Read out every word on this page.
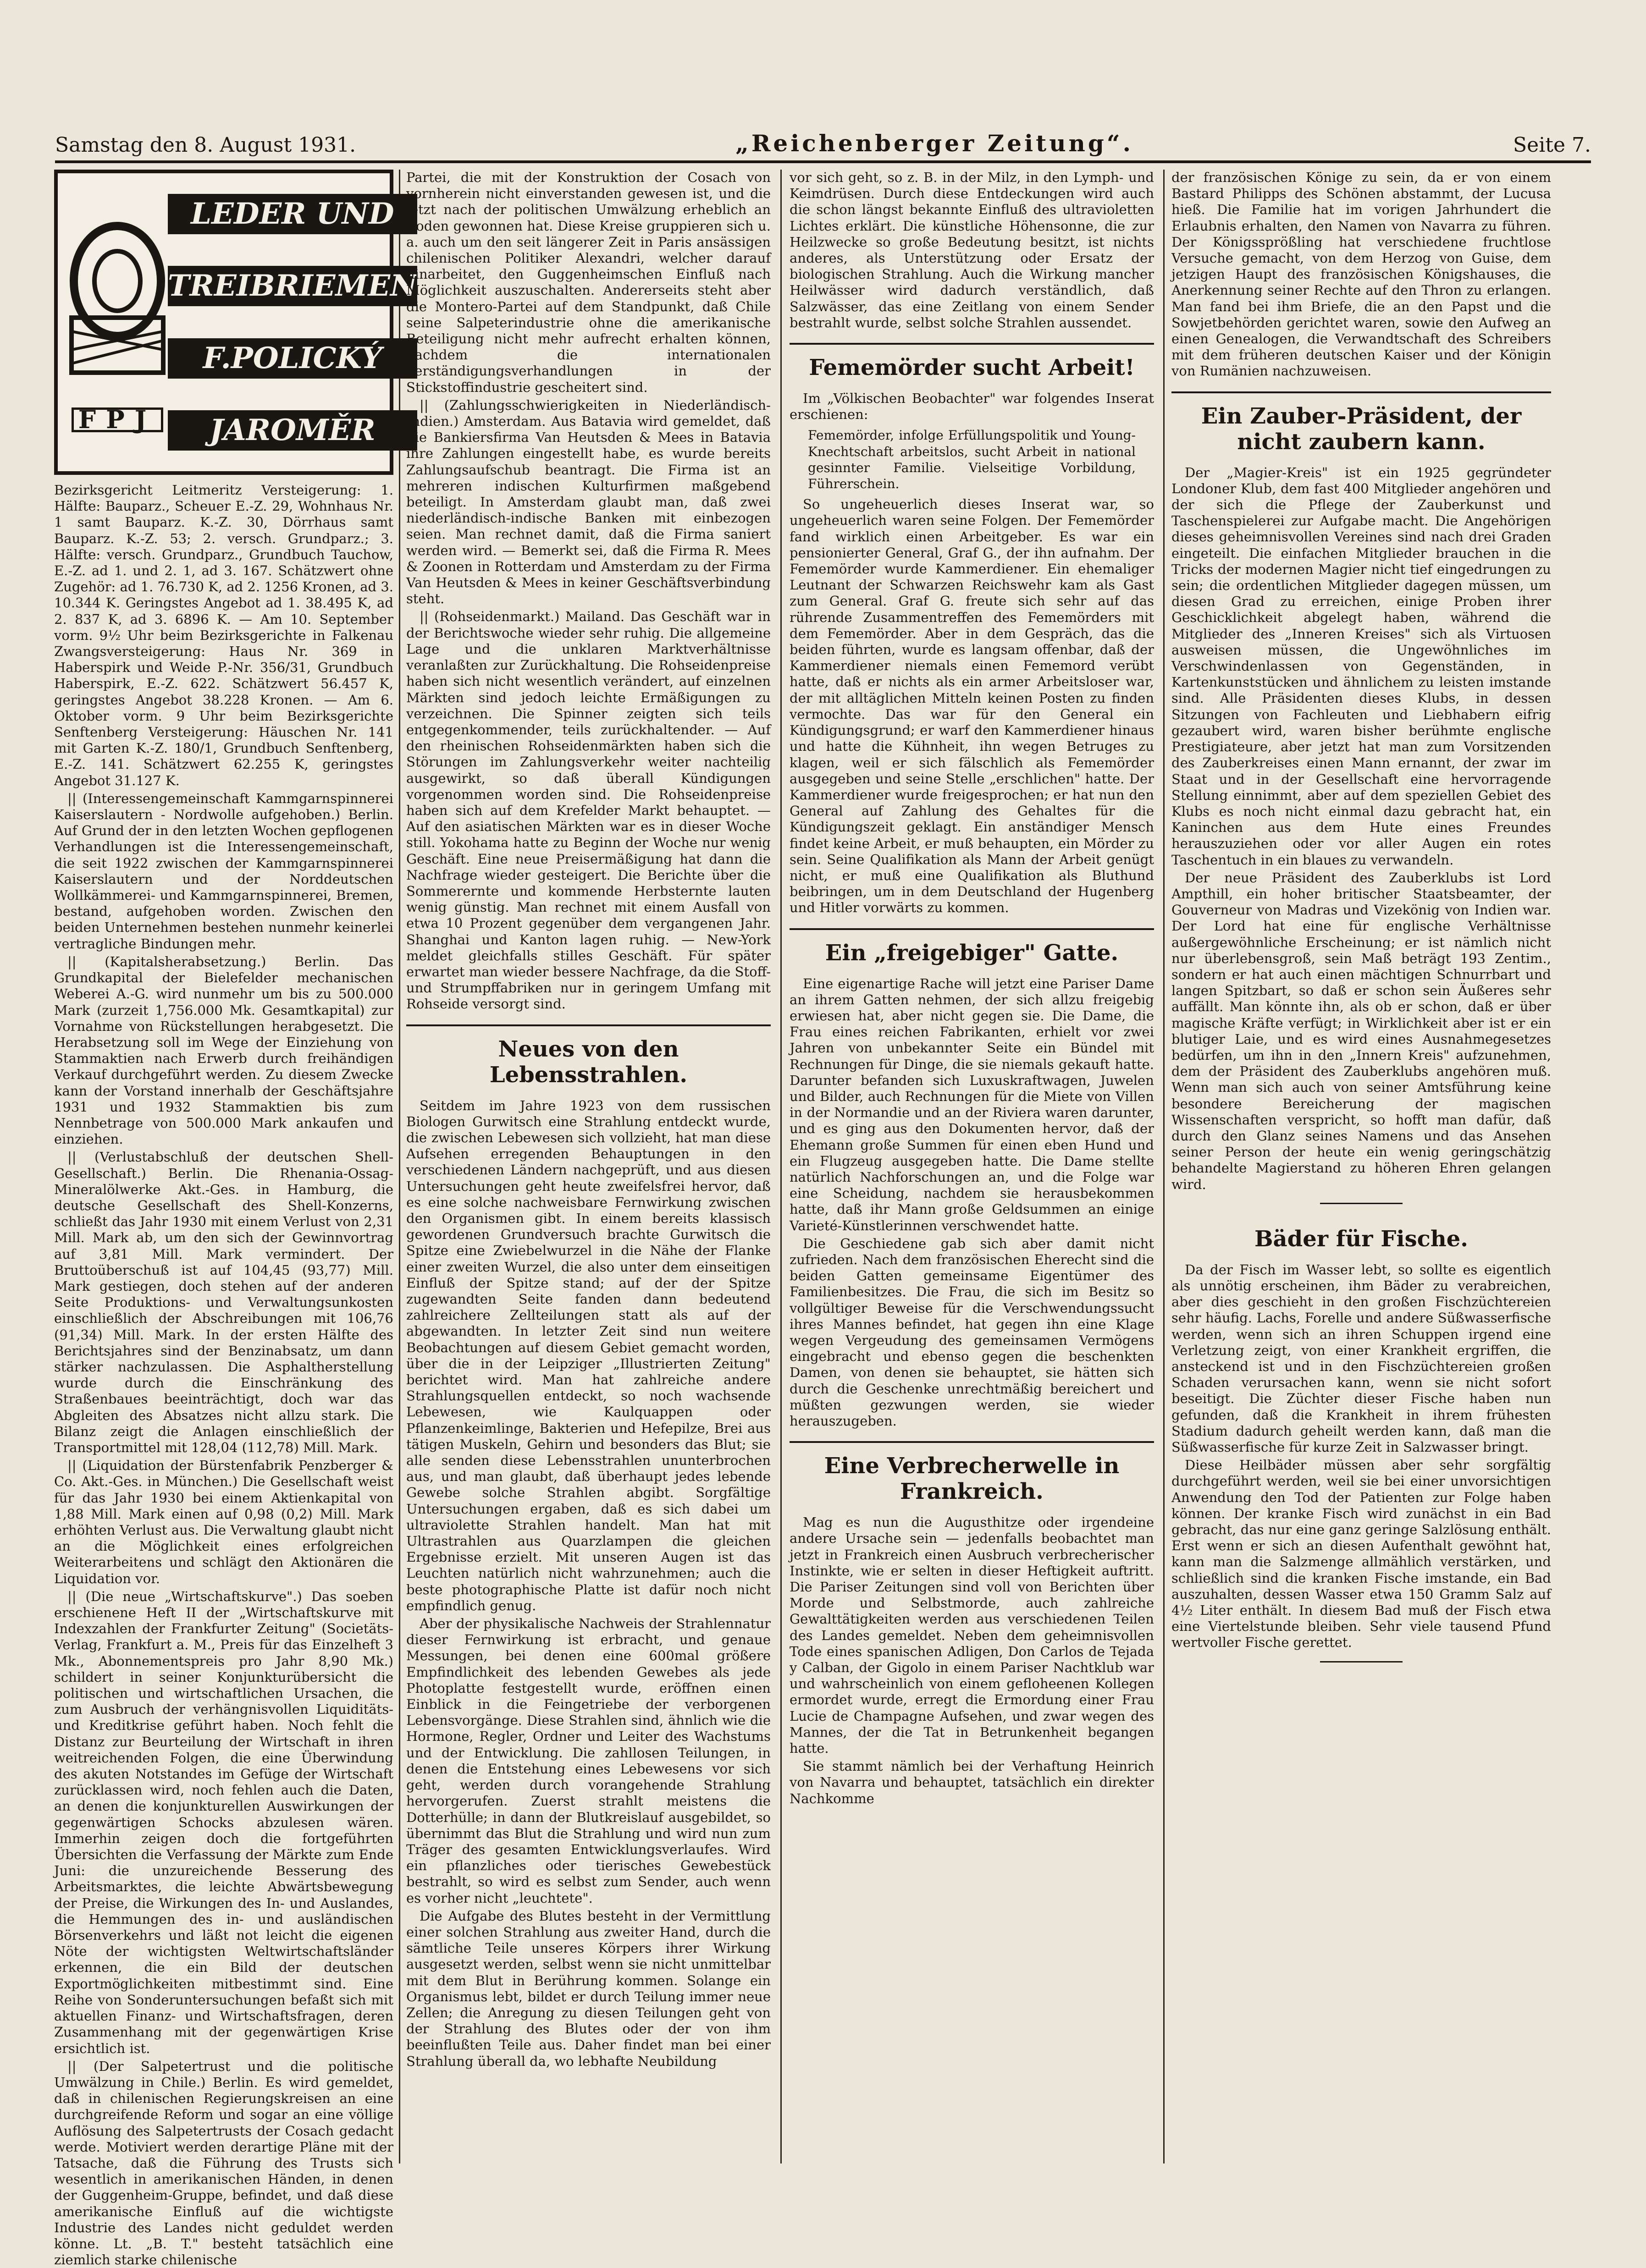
Samstag den 8. August 1931.	„Reichenberger Zeitung“.	Seite 7.
FPJ
LEDER UND
TREIBRIEMEN
F.POLICKÝ
JAROMĚR

Bezirksgericht Leitmeritz Versteigerung: 1. Hälfte: Bauparz., Scheuer E.-Z. 29, Wohnhaus Nr. 1 samt Bauparz. K.-Z. 30, Dörrhaus samt Bauparz. K.-Z. 53; 2. versch. Grundparz.; 3. Hälfte: versch. Grundparz., Grundbuch Tauchow, E.-Z. ad 1. und 2. 1, ad 3. 167. Schätzwert ohne Zugehör: ad 1. 76.730 K, ad 2. 1256 Kronen, ad 3. 10.344 K. Geringstes Angebot ad 1. 38.495 K, ad 2. 837 K, ad 3. 6896 K. — Am 10. September vorm. 9½ Uhr beim Bezirksgerichte in Falkenau Zwangsversteigerung: Haus Nr. 369 in Haberspirk und Weide P.-Nr. 356/31, Grundbuch Haberspirk, E.-Z. 622. Schätzwert 56.457 K, geringstes Angebot 38.228 Kronen. — Am 6. Oktober vorm. 9 Uhr beim Bezirksgerichte Senftenberg Versteigerung: Häuschen Nr. 141 mit Garten K.-Z. 180/1, Grundbuch Senftenberg, E.-Z. 141. Schätzwert 62.255 K, geringstes Angebot 31.127 K.

|| (Interessengemeinschaft Kammgarnspinnerei Kaiserslautern - Nordwolle aufgehoben.) Berlin. Auf Grund der in den letzten Wochen gepflogenen Verhandlungen ist die Interessengemeinschaft, die seit 1922 zwischen der Kammgarnspinnerei Kaiserslautern und der Norddeutschen Wollkämmerei- und Kammgarnspinnerei, Bremen, bestand, aufgehoben worden. Zwischen den beiden Unternehmen bestehen nunmehr keinerlei vertragliche Bindungen mehr.

|| (Kapitalsherabsetzung.) Berlin. Das Grundkapital der Bielefelder mechanischen Weberei A.-G. wird nunmehr um bis zu 500.000 Mark (zurzeit 1,756.000 Mk. Gesamtkapital) zur Vornahme von Rückstellungen herabgesetzt. Die Herabsetzung soll im Wege der Einziehung von Stammaktien nach Erwerb durch freihändigen Verkauf durchgeführt werden. Zu diesem Zwecke kann der Vorstand innerhalb der Geschäftsjahre 1931 und 1932 Stammaktien bis zum Nennbetrage von 500.000 Mark ankaufen und einziehen.

|| (Verlustabschluß der deutschen Shell-Gesellschaft.) Berlin. Die Rhenania-Ossag-Mineralölwerke Akt.-Ges. in Hamburg, die deutsche Gesellschaft des Shell-Konzerns, schließt das Jahr 1930 mit einem Verlust von 2,31 Mill. Mark ab, um den sich der Gewinnvortrag auf 3,81 Mill. Mark vermindert. Der Bruttoüberschuß ist auf 104,45 (93,77) Mill. Mark gestiegen, doch stehen auf der anderen Seite Produktions- und Verwaltungsunkosten einschließlich der Abschreibungen mit 106,76 (91,34) Mill. Mark. In der ersten Hälfte des Berichtsjahres sind der Benzinabsatz, um dann stärker nachzulassen. Die Asphaltherstellung wurde durch die Einschränkung des Straßenbaues beeinträchtigt, doch war das Abgleiten des Absatzes nicht allzu stark. Die Bilanz zeigt die Anlagen einschließlich der Transportmittel mit 128,04 (112,78) Mill. Mark.

|| (Liquidation der Bürstenfabrik Penzberger & Co. Akt.-Ges. in München.) Die Gesellschaft weist für das Jahr 1930 bei einem Aktienkapital von 1,88 Mill. Mark einen auf 0,98 (0,2) Mill. Mark erhöhten Verlust aus. Die Verwaltung glaubt nicht an die Möglichkeit eines erfolgreichen Weiterarbeitens und schlägt den Aktionären die Liquidation vor.

|| (Die neue „Wirtschaftskurve".) Das soeben erschienene Heft II der „Wirtschaftskurve mit Indexzahlen der Frankfurter Zeitung" (Societäts-Verlag, Frankfurt a. M., Preis für das Einzelheft 3 Mk., Abonnementspreis pro Jahr 8,90 Mk.) schildert in seiner Konjunkturübersicht die politischen und wirtschaftlichen Ursachen, die zum Ausbruch der verhängnisvollen Liquiditäts- und Kreditkrise geführt haben. Noch fehlt die Distanz zur Beurteilung der Wirtschaft in ihren weitreichenden Folgen, die eine Überwindung des akuten Notstandes im Gefüge der Wirtschaft zurücklassen wird, noch fehlen auch die Daten, an denen die konjunkturellen Auswirkungen der gegenwärtigen Schocks abzulesen wären. Immerhin zeigen doch die fortgeführten Übersichten die Verfassung der Märkte zum Ende Juni: die unzureichende Besserung des Arbeitsmarktes, die leichte Abwärtsbewegung der Preise, die Wirkungen des In- und Auslandes, die Hemmungen des in- und ausländischen Börsenverkehrs und läßt not leicht die eigenen Nöte der wichtigsten Weltwirtschaftsländer erkennen, die ein Bild der deutschen Exportmöglichkeiten mitbestimmt sind. Eine Reihe von Sonderuntersuchungen befaßt sich mit aktuellen Finanz- und Wirtschaftsfragen, deren Zusammenhang mit der gegenwärtigen Krise ersichtlich ist.

|| (Der Salpetertrust und die politische Umwälzung in Chile.) Berlin. Es wird gemeldet, daß in chilenischen Regierungskreisen an eine durchgreifende Reform und sogar an eine völlige Auflösung des Salpetertrusts der Cosach gedacht werde. Motiviert werden derartige Pläne mit der Tatsache, daß die Führung des Trusts sich wesentlich in amerikanischen Händen, in denen der Guggenheim-Gruppe, befindet, und daß diese amerikanische Einfluß auf die wichtigste Industrie des Landes nicht geduldet werden könne. Lt. „B. T." besteht tatsächlich eine ziemlich starke chilenische

Partei, die mit der Konstruktion der Cosach von vornherein nicht einverstanden gewesen ist, und die jetzt nach der politischen Umwälzung erheblich an Boden gewonnen hat. Diese Kreise gruppieren sich u. a. auch um den seit längerer Zeit in Paris ansässigen chilenischen Politiker Alexandri, welcher darauf hinarbeitet, den Guggenheimschen Einfluß nach Möglichkeit auszuschalten. Andererseits steht aber die Montero-Partei auf dem Standpunkt, daß Chile seine Salpeterindustrie ohne die amerikanische Beteiligung nicht mehr aufrecht erhalten können, nachdem die internationalen Verständigungsverhandlungen in der Stickstoffindustrie gescheitert sind.

|| (Zahlungsschwierigkeiten in Niederländisch-Indien.) Amsterdam. Aus Batavia wird gemeldet, daß die Bankiersfirma Van Heutsden & Mees in Batavia ihre Zahlungen eingestellt habe, es wurde bereits Zahlungsaufschub beantragt. Die Firma ist an mehreren indischen Kulturfirmen maßgebend beteiligt. In Amsterdam glaubt man, daß zwei niederländisch-indische Banken mit einbezogen seien. Man rechnet damit, daß die Firma saniert werden wird. — Bemerkt sei, daß die Firma R. Mees & Zoonen in Rotterdam und Amsterdam zu der Firma Van Heutsden & Mees in keiner Geschäftsverbindung steht.

|| (Rohseidenmarkt.) Mailand. Das Geschäft war in der Berichtswoche wieder sehr ruhig. Die allgemeine Lage und die unklaren Marktverhältnisse veranlaßten zur Zurückhaltung. Die Rohseidenpreise haben sich nicht wesentlich verändert, auf einzelnen Märkten sind jedoch leichte Ermäßigungen zu verzeichnen. Die Spinner zeigten sich teils entgegenkommender, teils zurückhaltender. — Auf den rheinischen Rohseidenmärkten haben sich die Störungen im Zahlungsverkehr weiter nachteilig ausgewirkt, so daß überall Kündigungen vorgenommen worden sind. Die Rohseidenpreise haben sich auf dem Krefelder Markt behauptet. — Auf den asiatischen Märkten war es in dieser Woche still. Yokohama hatte zu Beginn der Woche nur wenig Geschäft. Eine neue Preisermäßigung hat dann die Nachfrage wieder gesteigert. Die Berichte über die Sommerernte und kommende Herbsternte lauten wenig günstig. Man rechnet mit einem Ausfall von etwa 10 Prozent gegenüber dem vergangenen Jahr. Shanghai und Kanton lagen ruhig. — New-York meldet gleichfalls stilles Geschäft. Für später erwartet man wieder bessere Nachfrage, da die Stoff- und Strumpffabriken nur in geringem Umfang mit Rohseide versorgt sind.

Neues von den Lebensstrahlen.

Seitdem im Jahre 1923 von dem russischen Biologen Gurwitsch eine Strahlung entdeckt wurde, die zwischen Lebewesen sich vollzieht, hat man diese Aufsehen erregenden Behauptungen in den verschiedenen Ländern nachgeprüft, und aus diesen Untersuchungen geht heute zweifelsfrei hervor, daß es eine solche nachweisbare Fernwirkung zwischen den Organismen gibt. In einem bereits klassisch gewordenen Grundversuch brachte Gurwitsch die Spitze eine Zwiebelwurzel in die Nähe der Flanke einer zweiten Wurzel, die also unter dem einseitigen Einfluß der Spitze stand; auf der der Spitze zugewandten Seite fanden dann bedeutend zahlreichere Zellteilungen statt als auf der abgewandten. In letzter Zeit sind nun weitere Beobachtungen auf diesem Gebiet gemacht worden, über die in der Leipziger „Illustrierten Zeitung" berichtet wird. Man hat zahlreiche andere Strahlungsquellen entdeckt, so noch wachsende Lebewesen, wie Kaulquappen oder Pflanzenkeimlinge, Bakterien und Hefepilze, Brei aus tätigen Muskeln, Gehirn und besonders das Blut; sie alle senden diese Lebensstrahlen ununterbrochen aus, und man glaubt, daß überhaupt jedes lebende Gewebe solche Strahlen abgibt. Sorgfältige Untersuchungen ergaben, daß es sich dabei um ultraviolette Strahlen handelt. Man hat mit Ultrastrahlen aus Quarzlampen die gleichen Ergebnisse erzielt. Mit unseren Augen ist das Leuchten natürlich nicht wahrzunehmen; auch die beste photographische Platte ist dafür noch nicht empfindlich genug.

Aber der physikalische Nachweis der Strahlennatur dieser Fernwirkung ist erbracht, und genaue Messungen, bei denen eine 600mal größere Empfindlichkeit des lebenden Gewebes als jede Photoplatte festgestellt wurde, eröffnen einen Einblick in die Feingetriebe der verborgenen Lebensvorgänge. Diese Strahlen sind, ähnlich wie die Hormone, Regler, Ordner und Leiter des Wachstums und der Entwicklung. Die zahllosen Teilungen, in denen die Entstehung eines Lebewesens vor sich geht, werden durch vorangehende Strahlung hervorgerufen. Zuerst strahlt meistens die Dotterhülle; in dann der Blutkreislauf ausgebildet, so übernimmt das Blut die Strahlung und wird nun zum Träger des gesamten Entwicklungsverlaufes. Wird ein pflanzliches oder tierisches Gewebestück bestrahlt, so wird es selbst zum Sender, auch wenn es vorher nicht „leuchtete".

Die Aufgabe des Blutes besteht in der Vermittlung einer solchen Strahlung aus zweiter Hand, durch die sämtliche Teile unseres Körpers ihrer Wirkung ausgesetzt werden, selbst wenn sie nicht unmittelbar mit dem Blut in Berührung kommen. Solange ein Organismus lebt, bildet er durch Teilung immer neue Zellen; die Anregung zu diesen Teilungen geht von der Strahlung des Blutes oder der von ihm beeinflußten Teile aus. Daher findet man bei einer Strahlung überall da, wo lebhafte Neubildung

vor sich geht, so z. B. in der Milz, in den Lymph- und Keimdrüsen. Durch diese Entdeckungen wird auch die schon längst bekannte Einfluß des ultravioletten Lichtes erklärt. Die künstliche Höhensonne, die zur Heilzwecke so große Bedeutung besitzt, ist nichts anderes, als Unterstützung oder Ersatz der biologischen Strahlung. Auch die Wirkung mancher Heilwässer wird dadurch verständlich, daß Salzwässer, das eine Zeitlang von einem Sender bestrahlt wurde, selbst solche Strahlen aussendet.

Fememörder sucht Arbeit!

Im „Völkischen Beobachter" war folgendes Inserat erschienen:

Fememörder, infolge Erfüllungspolitik und Young-Knechtschaft arbeitslos, sucht Arbeit in national gesinnter Familie. Vielseitige Vorbildung, Führerschein.

So ungeheuerlich dieses Inserat war, so ungeheuerlich waren seine Folgen. Der Fememörder fand wirklich einen Arbeitgeber. Es war ein pensionierter General, Graf G., der ihn aufnahm. Der Fememörder wurde Kammerdiener. Ein ehemaliger Leutnant der Schwarzen Reichswehr kam als Gast zum General. Graf G. freute sich sehr auf das rührende Zusammentreffen des Fememörders mit dem Fememörder. Aber in dem Gespräch, das die beiden führten, wurde es langsam offenbar, daß der Kammerdiener niemals einen Fememord verübt hatte, daß er nichts als ein armer Arbeitsloser war, der mit alltäglichen Mitteln keinen Posten zu finden vermochte. Das war für den General ein Kündigungsgrund; er warf den Kammerdiener hinaus und hatte die Kühnheit, ihn wegen Betruges zu klagen, weil er sich fälschlich als Fememörder ausgegeben und seine Stelle „erschlichen" hatte. Der Kammerdiener wurde freigesprochen; er hat nun den General auf Zahlung des Gehaltes für die Kündigungszeit geklagt. Ein anständiger Mensch findet keine Arbeit, er muß behaupten, ein Mörder zu sein. Seine Qualifikation als Mann der Arbeit genügt nicht, er muß eine Qualifikation als Bluthund beibringen, um in dem Deutschland der Hugenberg und Hitler vorwärts zu kommen.

Ein „freigebiger" Gatte.

Eine eigenartige Rache will jetzt eine Pariser Dame an ihrem Gatten nehmen, der sich allzu freigebig erwiesen hat, aber nicht gegen sie. Die Dame, die Frau eines reichen Fabrikanten, erhielt vor zwei Jahren von unbekannter Seite ein Bündel mit Rechnungen für Dinge, die sie niemals gekauft hatte. Darunter befanden sich Luxuskraftwagen, Juwelen und Bilder, auch Rechnungen für die Miete von Villen in der Normandie und an der Riviera waren darunter, und es ging aus den Dokumenten hervor, daß der Ehemann große Summen für einen eben Hund und ein Flugzeug ausgegeben hatte. Die Dame stellte natürlich Nachforschungen an, und die Folge war eine Scheidung, nachdem sie herausbekommen hatte, daß ihr Mann große Geldsummen an einige Varieté-Künstlerinnen verschwendet hatte.

Die Geschiedene gab sich aber damit nicht zufrieden. Nach dem französischen Eherecht sind die beiden Gatten gemeinsame Eigentümer des Familienbesitzes. Die Frau, die sich im Besitz so vollgültiger Beweise für die Verschwendungssucht ihres Mannes befindet, hat gegen ihn eine Klage wegen Vergeudung des gemeinsamen Vermögens eingebracht und ebenso gegen die beschenkten Damen, von denen sie behauptet, sie hätten sich durch die Geschenke unrechtmäßig bereichert und müßten gezwungen werden, sie wieder herauszugeben.

Eine Verbrecherwelle in Frankreich.

Mag es nun die Augusthitze oder irgendeine andere Ursache sein — jedenfalls beobachtet man jetzt in Frankreich einen Ausbruch verbrecherischer Instinkte, wie er selten in dieser Heftigkeit auftritt. Die Pariser Zeitungen sind voll von Berichten über Morde und Selbstmorde, auch zahlreiche Gewalttätigkeiten werden aus verschiedenen Teilen des Landes gemeldet. Neben dem geheimnisvollen Tode eines spanischen Adligen, Don Carlos de Tejada y Calban, der Gigolo in einem Pariser Nachtklub war und wahrscheinlich von einem gefloheenen Kollegen ermordet wurde, erregt die Ermordung einer Frau Lucie de Champagne Aufsehen, und zwar wegen des Mannes, der die Tat in Betrunkenheit begangen hatte.

Sie stammt nämlich bei der Verhaftung Heinrich von Navarra und behauptet, tatsächlich ein direkter Nachkomme

der französischen Könige zu sein, da er von einem Bastard Philipps des Schönen abstammt, der Lucusa hieß. Die Familie hat im vorigen Jahrhundert die Erlaubnis erhalten, den Namen von Navarra zu führen. Der Königssprößling hat verschiedene fruchtlose Versuche gemacht, von dem Herzog von Guise, dem jetzigen Haupt des französischen Königshauses, die Anerkennung seiner Rechte auf den Thron zu erlangen. Man fand bei ihm Briefe, die an den Papst und die Sowjetbehörden gerichtet waren, sowie den Aufweg an einen Genealogen, die Verwandtschaft des Schreibers mit dem früheren deutschen Kaiser und der Königin von Rumänien nachzuweisen.

Ein Zauber-Präsident, der nicht zaubern kann.

Der „Magier-Kreis" ist ein 1925 gegründeter Londoner Klub, dem fast 400 Mitglieder angehören und der sich die Pflege der Zauberkunst und Taschenspielerei zur Aufgabe macht. Die Angehörigen dieses geheimnisvollen Vereines sind nach drei Graden eingeteilt. Die einfachen Mitglieder brauchen in die Tricks der modernen Magier nicht tief eingedrungen zu sein; die ordentlichen Mitglieder dagegen müssen, um diesen Grad zu erreichen, einige Proben ihrer Geschicklichkeit abgelegt haben, während die Mitglieder des „Inneren Kreises" sich als Virtuosen ausweisen müssen, die Ungewöhnliches im Verschwindenlassen von Gegenständen, in Kartenkunststücken und ähnlichem zu leisten imstande sind. Alle Präsidenten dieses Klubs, in dessen Sitzungen von Fachleuten und Liebhabern eifrig gezaubert wird, waren bisher berühmte englische Prestigiateure, aber jetzt hat man zum Vorsitzenden des Zauberkreises einen Mann ernannt, der zwar im Staat und in der Gesellschaft eine hervorragende Stellung einnimmt, aber auf dem speziellen Gebiet des Klubs es noch nicht einmal dazu gebracht hat, ein Kaninchen aus dem Hute eines Freundes herauszuziehen oder vor aller Augen ein rotes Taschentuch in ein blaues zu verwandeln.

Der neue Präsident des Zauberklubs ist Lord Ampthill, ein hoher britischer Staatsbeamter, der Gouverneur von Madras und Vizekönig von Indien war. Der Lord hat eine für englische Verhältnisse außergewöhnliche Erscheinung; er ist nämlich nicht nur überlebensgroß, sein Maß beträgt 193 Zentim., sondern er hat auch einen mächtigen Schnurrbart und langen Spitzbart, so daß er schon sein Äußeres sehr auffällt. Man könnte ihn, als ob er schon, daß er über magische Kräfte verfügt; in Wirklichkeit aber ist er ein blutiger Laie, und es wird eines Ausnahmegesetzes bedürfen, um ihn in den „Innern Kreis" aufzunehmen, dem der Präsident des Zauberklubs angehören muß. Wenn man sich auch von seiner Amtsführung keine besondere Bereicherung der magischen Wissenschaften verspricht, so hofft man dafür, daß durch den Glanz seines Namens und das Ansehen seiner Person der heute ein wenig geringschätzig behandelte Magierstand zu höheren Ehren gelangen wird.

Bäder für Fische.

Da der Fisch im Wasser lebt, so sollte es eigentlich als unnötig erscheinen, ihm Bäder zu verabreichen, aber dies geschieht in den großen Fischzüchtereien sehr häufig. Lachs, Forelle und andere Süßwasserfische werden, wenn sich an ihren Schuppen irgend eine Verletzung zeigt, von einer Krankheit ergriffen, die ansteckend ist und in den Fischzüchtereien großen Schaden verursachen kann, wenn sie nicht sofort beseitigt. Die Züchter dieser Fische haben nun gefunden, daß die Krankheit in ihrem frühesten Stadium dadurch geheilt werden kann, daß man die Süßwasserfische für kurze Zeit in Salzwasser bringt.

Diese Heilbäder müssen aber sehr sorgfältig durchgeführt werden, weil sie bei einer unvorsichtigen Anwendung den Tod der Patienten zur Folge haben können. Der kranke Fisch wird zunächst in ein Bad gebracht, das nur eine ganz geringe Salzlösung enthält. Erst wenn er sich an diesen Aufenthalt gewöhnt hat, kann man die Salzmenge allmählich verstärken, und schließlich sind die kranken Fische imstande, ein Bad auszuhalten, dessen Wasser etwa 150 Gramm Salz auf 4½ Liter enthält. In diesem Bad muß der Fisch etwa eine Viertelstunde bleiben. Sehr viele tausend Pfund wertvoller Fische gerettet.
